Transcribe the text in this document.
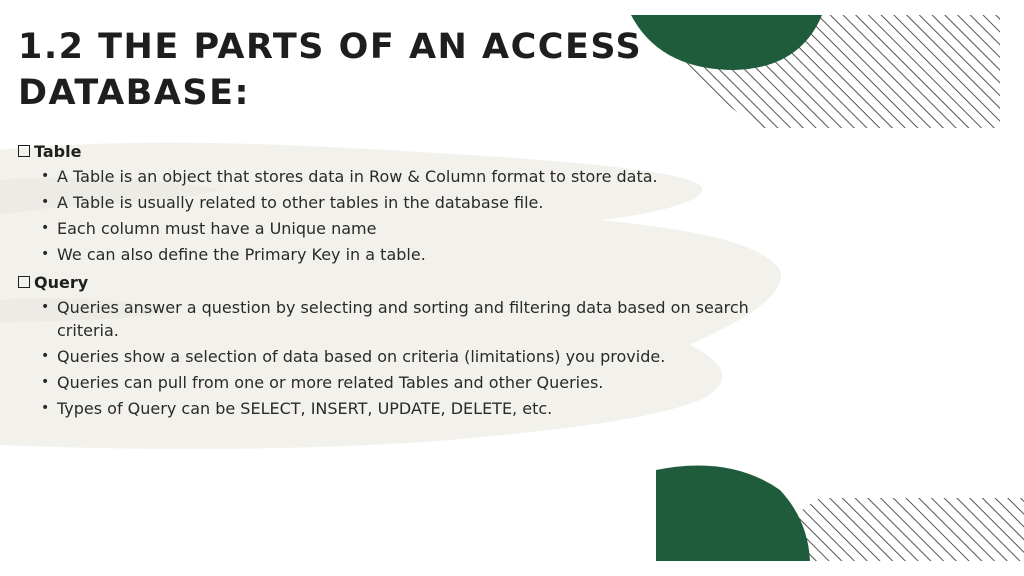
1.2 THE PARTS OF AN ACCESS
DATABASE:
Table
• A Table is an object that stores data in Row & Column format to store data.
• A Table is usually related to other tables in the database file.
• Each column must have a Unique name
• We can also define the Primary Key in a table.
Query
• Queries answer a question by selecting and sorting and filtering data based on search criteria.
• Queries show a selection of data based on criteria (limitations) you provide.
• Queries can pull from one or more related Tables and other Queries.
• Types of Query can be SELECT, INSERT, UPDATE, DELETE, etc.
